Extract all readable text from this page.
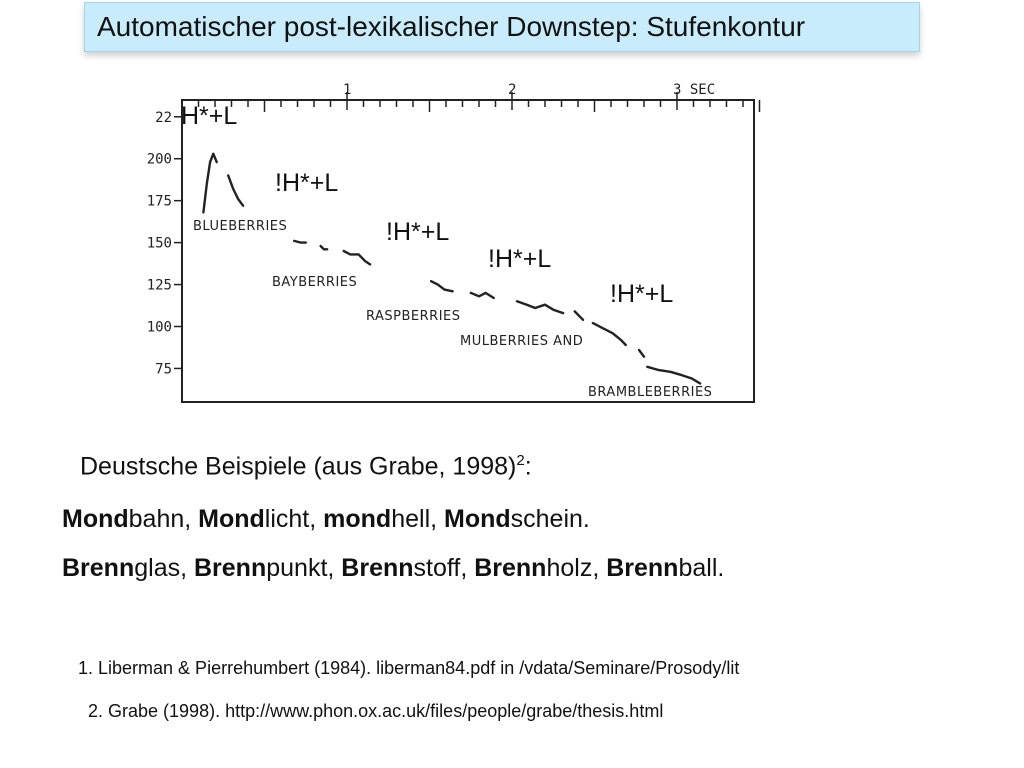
Automatischer post-lexikalischer Downstep: Stufenkontur
22
200
175
150
125
100
75
1	2	3 SEC
BLUEBERRIES
BAYBERRIES
RASPBERRIES
MULBERRIES AND
BRAMBLEBERRIES
H*+L
!H*+L
!H*+L
!H*+L
!H*+L
Deustsche Beispiele (aus Grabe, 1998)$^2$:
Mondbahn, Mondlicht, mondhell, Mondschein.
Brennglas, Brennpunkt, Brennstoff, Brennholz, Brennball.
1. Liberman & Pierrehumbert (1984). liberman84.pdf in /vdata/Seminare/Prosody/lit
2. Grabe (1998). http://www.phon.ox.ac.uk/files/people/grabe/thesis.html
